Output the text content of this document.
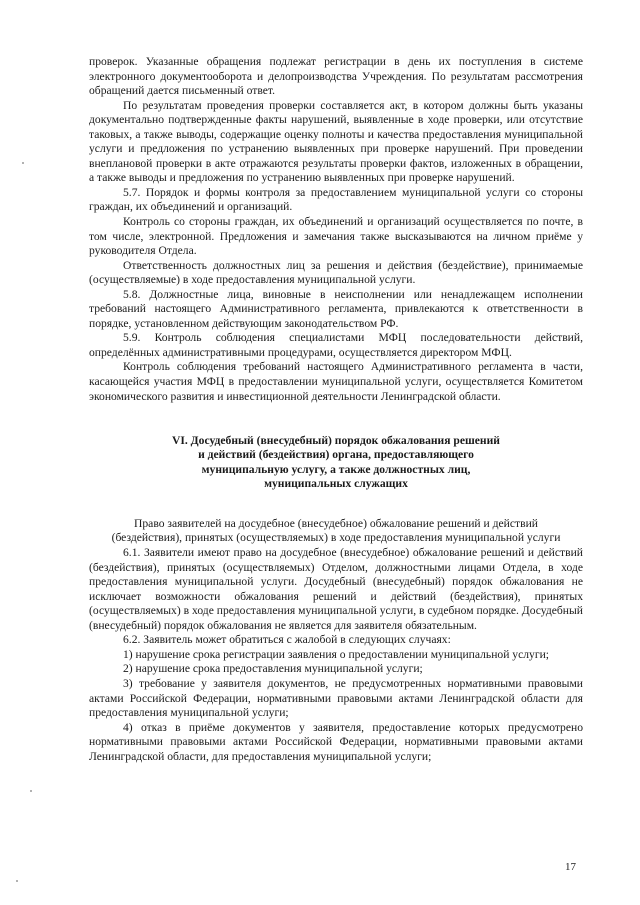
проверок. Указанные обращения подлежат регистрации в день их поступления в системе электронного документооборота и делопроизводства Учреждения. По результатам рассмотрения обращений дается письменный ответ.

По результатам проведения проверки составляется акт, в котором должны быть указаны документально подтвержденные факты нарушений, выявленные в ходе проверки, или отсутствие таковых, а также выводы, содержащие оценку полноты и качества предоставления муниципальной услуги и предложения по устранению выявленных при проверке нарушений. При проведении внеплановой проверки в акте отражаются результаты проверки фактов, изложенных в обращении, а также выводы и предложения по устранению выявленных при проверке нарушений.

5.7. Порядок и формы контроля за предоставлением муниципальной услуги со стороны граждан, их объединений и организаций.

Контроль со стороны граждан, их объединений и организаций осуществляется по почте, в том числе, электронной. Предложения и замечания также высказываются на личном приёме у руководителя Отдела.

Ответственность должностных лиц за решения и действия (бездействие), принимаемые (осуществляемые) в ходе предоставления муниципальной услуги.

5.8. Должностные лица, виновные в неисполнении или ненадлежащем исполнении требований настоящего Административного регламента, привлекаются к ответственности в порядке, установленном действующим законодательством РФ.

5.9. Контроль соблюдения специалистами МФЦ последовательности действий, определённых административными процедурами, осуществляется директором МФЦ.

Контроль соблюдения требований настоящего Административного регламента в части, касающейся участия МФЦ в предоставлении муниципальной услуги, осуществляется Комитетом экономического развития и инвестиционной деятельности Ленинградской области.

VI. Досудебный (внесудебный) порядок обжалования решений
и действий (бездействия) органа, предоставляющего
муниципальную услугу, а также должностных лиц,
муниципальных служащих

Право заявителей на досудебное (внесудебное) обжалование решений и действий (бездействия), принятых (осуществляемых) в ходе предоставления муниципальной услуги

6.1. Заявители имеют право на досудебное (внесудебное) обжалование решений и действий (бездействия), принятых (осуществляемых) Отделом, должностными лицами Отдела, в ходе предоставления муниципальной услуги. Досудебный (внесудебный) порядок обжалования не исключает возможности обжалования решений и действий (бездействия), принятых (осуществляемых) в ходе предоставления муниципальной услуги, в судебном порядке. Досудебный (внесудебный) порядок обжалования не является для заявителя обязательным.

6.2. Заявитель может обратиться с жалобой в следующих случаях:

1) нарушение срока регистрации заявления о предоставлении муниципальной услуги;

2) нарушение срока предоставления муниципальной услуги;

3) требование у заявителя документов, не предусмотренных нормативными правовыми актами Российской Федерации, нормативными правовыми актами Ленинградской области для предоставления муниципальной услуги;

4) отказ в приёме документов у заявителя, предоставление которых предусмотрено нормативными правовыми актами Российской Федерации, нормативными правовыми актами Ленинградской области, для предоставления муниципальной услуги;

17
